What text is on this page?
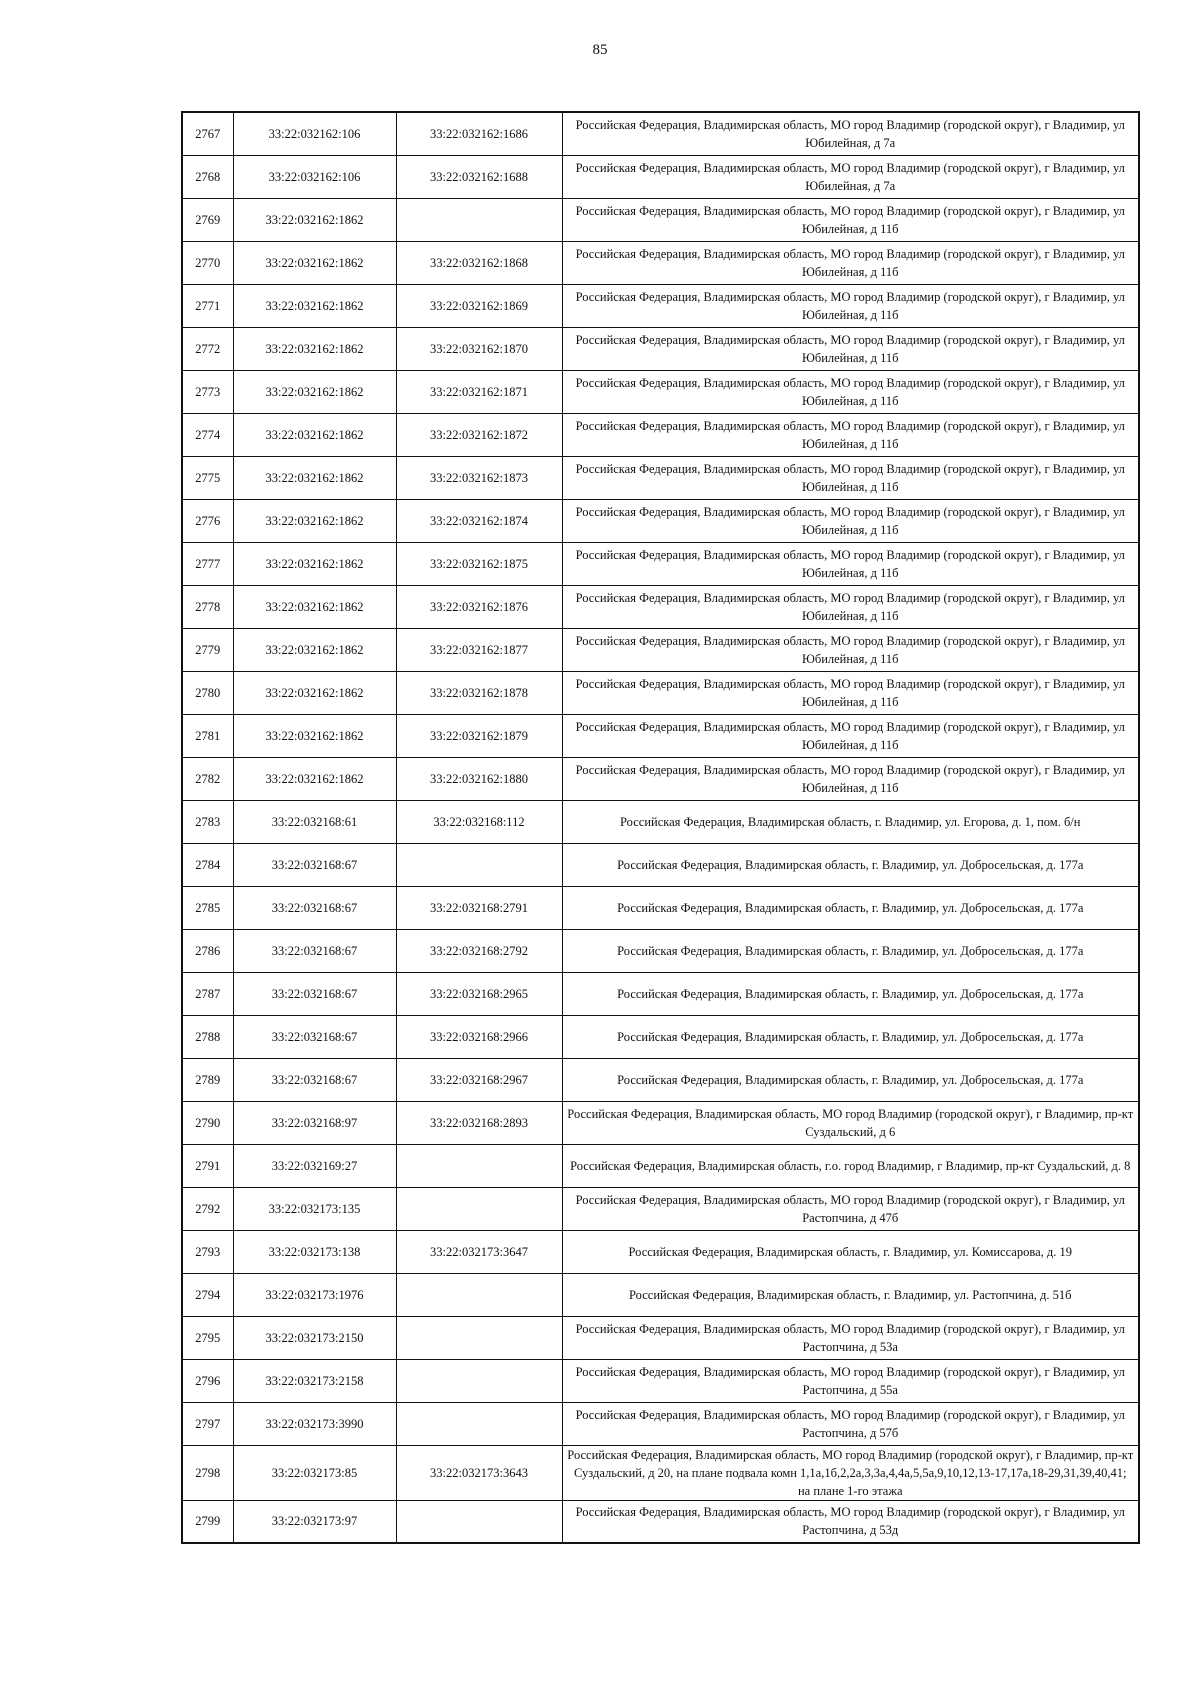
85
2767	33:22:032162:106	33:22:032162:1686	Российская Федерация, Владимирская область, МО город Владимир (городской округ), г Владимир, ул Юбилейная, д 7а
2768	33:22:032162:106	33:22:032162:1688	Российская Федерация, Владимирская область, МО город Владимир (городской округ), г Владимир, ул Юбилейная, д 7а
2769	33:22:032162:1862		Российская Федерация, Владимирская область, МО город Владимир (городской округ), г Владимир, ул Юбилейная, д 11б
2770	33:22:032162:1862	33:22:032162:1868	Российская Федерация, Владимирская область, МО город Владимир (городской округ), г Владимир, ул Юбилейная, д 11б
2771	33:22:032162:1862	33:22:032162:1869	Российская Федерация, Владимирская область, МО город Владимир (городской округ), г Владимир, ул Юбилейная, д 11б
2772	33:22:032162:1862	33:22:032162:1870	Российская Федерация, Владимирская область, МО город Владимир (городской округ), г Владимир, ул Юбилейная, д 11б
2773	33:22:032162:1862	33:22:032162:1871	Российская Федерация, Владимирская область, МО город Владимир (городской округ), г Владимир, ул Юбилейная, д 11б
2774	33:22:032162:1862	33:22:032162:1872	Российская Федерация, Владимирская область, МО город Владимир (городской округ), г Владимир, ул Юбилейная, д 11б
2775	33:22:032162:1862	33:22:032162:1873	Российская Федерация, Владимирская область, МО город Владимир (городской округ), г Владимир, ул Юбилейная, д 11б
2776	33:22:032162:1862	33:22:032162:1874	Российская Федерация, Владимирская область, МО город Владимир (городской округ), г Владимир, ул Юбилейная, д 11б
2777	33:22:032162:1862	33:22:032162:1875	Российская Федерация, Владимирская область, МО город Владимир (городской округ), г Владимир, ул Юбилейная, д 11б
2778	33:22:032162:1862	33:22:032162:1876	Российская Федерация, Владимирская область, МО город Владимир (городской округ), г Владимир, ул Юбилейная, д 11б
2779	33:22:032162:1862	33:22:032162:1877	Российская Федерация, Владимирская область, МО город Владимир (городской округ), г Владимир, ул Юбилейная, д 11б
2780	33:22:032162:1862	33:22:032162:1878	Российская Федерация, Владимирская область, МО город Владимир (городской округ), г Владимир, ул Юбилейная, д 11б
2781	33:22:032162:1862	33:22:032162:1879	Российская Федерация, Владимирская область, МО город Владимир (городской округ), г Владимир, ул Юбилейная, д 11б
2782	33:22:032162:1862	33:22:032162:1880	Российская Федерация, Владимирская область, МО город Владимир (городской округ), г Владимир, ул Юбилейная, д 11б
2783	33:22:032168:61	33:22:032168:112	Российская Федерация, Владимирская область, г. Владимир, ул. Егорова, д. 1, пом. б/н
2784	33:22:032168:67		Российская Федерация, Владимирская область, г. Владимир, ул. Добросельская, д. 177а
2785	33:22:032168:67	33:22:032168:2791	Российская Федерация, Владимирская область, г. Владимир, ул. Добросельская, д. 177а
2786	33:22:032168:67	33:22:032168:2792	Российская Федерация, Владимирская область, г. Владимир, ул. Добросельская, д. 177а
2787	33:22:032168:67	33:22:032168:2965	Российская Федерация, Владимирская область, г. Владимир, ул. Добросельская, д. 177а
2788	33:22:032168:67	33:22:032168:2966	Российская Федерация, Владимирская область, г. Владимир, ул. Добросельская, д. 177а
2789	33:22:032168:67	33:22:032168:2967	Российская Федерация, Владимирская область, г. Владимир, ул. Добросельская, д. 177а
2790	33:22:032168:97	33:22:032168:2893	Российская Федерация, Владимирская область, МО город Владимир (городской округ), г Владимир, пр-кт Суздальский, д 6
2791	33:22:032169:27		Российская Федерация, Владимирская область, г.о. город Владимир, г Владимир, пр-кт Суздальский, д. 8
2792	33:22:032173:135		Российская Федерация, Владимирская область, МО город Владимир (городской округ), г Владимир, ул Растопчина, д 47б
2793	33:22:032173:138	33:22:032173:3647	Российская Федерация, Владимирская область, г. Владимир, ул. Комиссарова, д. 19
2794	33:22:032173:1976		Российская Федерация, Владимирская область, г. Владимир, ул. Растопчина, д. 51б
2795	33:22:032173:2150		Российская Федерация, Владимирская область, МО город Владимир (городской округ), г Владимир, ул Растопчина, д 53а
2796	33:22:032173:2158		Российская Федерация, Владимирская область, МО город Владимир (городской округ), г Владимир, ул Растопчина, д 55а
2797	33:22:032173:3990		Российская Федерация, Владимирская область, МО город Владимир (городской округ), г Владимир, ул Растопчина, д 57б
2798	33:22:032173:85	33:22:032173:3643	Российская Федерация, Владимирская область, МО город Владимир (городской округ), г Владимир, пр-кт Суздальский, д 20, на плане подвала комн 1,1а,1б,2,2а,3,3а,4,4а,5,5а,9,10,12,13-17,17а,18-29,31,39,40,41; на плане 1-го этажа
2799	33:22:032173:97		Российская Федерация, Владимирская область, МО город Владимир (городской округ), г Владимир, ул Растопчина, д 53д
